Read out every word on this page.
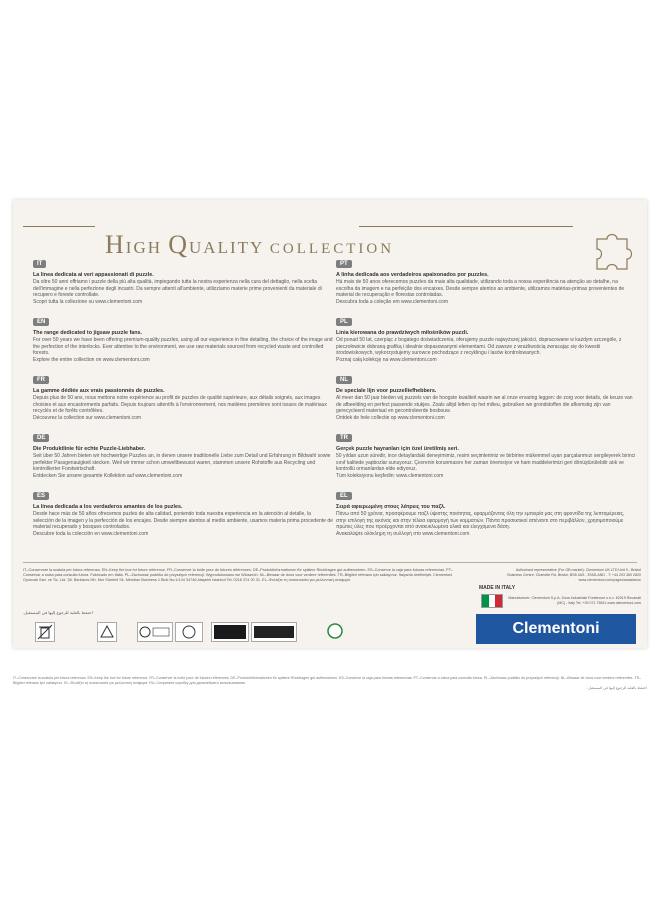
HIGH QUALITY COLLECTION
IT
La linea dedicata ai veri appassionati di puzzle.
Da oltre 50 anni offriamo i puzzle della più alta qualità, impiegando tutta la nostra esperienza nella cura del dettaglio, nella scelta dell'immagine e nella perfezione degli incastri. Da sempre attenti all'ambiente, utilizziamo materie prime provenienti da materiale di recupero e foreste controllate.
Scopri tutta la collezione su www.clementoni.com
EN
The range dedicated to jigsaw puzzle fans.
For over 50 years we have been offering premium-quality puzzles, using all our experience in fine detailing, the choice of the image and the perfection of the interlocks. Ever attentive to the environment, we use raw materials sourced from recycled waste and controlled forests.
Explore the entire collection on www.clementoni.com
FR
La gamme dédiée aux vrais passionnés de puzzles.
Depuis plus de 50 ans, nous mettons notre expérience au profit de puzzles de qualité supérieure, aux détails soignés, aux images choisies et aux encastrements parfaits. Depuis toujours attentifs à l'environnement, nos matières premières sont issues de matériaux recyclés et de forêts contrôlées.
Découvrez la collection sur www.clementoni.com
DE
Die Produktlinie für echte Puzzle-Liebhaber.
Seit über 50 Jahren bieten wir hochwertige Puzzles an, in denen unsere traditionelle Liebe zum Detail und Erfahrung in Bildwahl sowie perfekter Passgenauigkeit stecken. Weil wir immer schon umweltbewusst waren, stammen unsere Rohstoffe aus Recycling und kontrollierter Forstwirtschaft.
Entdecken Sie unsere gesamte Kollektion auf www.clementoni.com
ES
La línea dedicada a los verdaderos amantes de los puzles.
Desde hace más de 50 años ofrecemos puzles de alta calidad, poniendo toda nuestra experiencia en la atención al detalle, la selección de la imagen y la perfección de los encajes. Desde siempre atentos al medio ambiente, usamos materia prima procedente de material recuperado y bosques controlados.
Descubre toda la colección en www.clementoni.com
PT
A linha dedicada aos verdadeiros apaixonados por puzzles.
Há mais de 50 anos oferecemos puzzles da mais alta qualidade, utilizando toda a nossa experiência na atenção ao detalhe, na escolha da imagem e na perfeição dos encaixes. Desde sempre atentos ao ambiente, utilizamos matérias-primas provenientes de material de recuperação e florestas controladas.
Descubra toda a coleção em www.clementoni.com
PL
Linia kierowana do prawdziwych miłośników puzzli.
Od ponad 50 lat, czerpiąc z bogatego doświadczenia, oferujemy puzzle najwyższej jakości, dopracowane w każdym szczególe, z pieczołowicie dobraną grafiką i idealnie dopasowanymi elementami. Od zawsze z wrażliwością zwracając się do kwestii środowiskowych, wykorzystujemy surowce pochodzące z recyklingu i lasów kontrolowanych.
Poznaj całą kolekcję na www.clementoni.com
NL
De speciale lijn voor puzzelliefhebbers.
Al meer dan 50 jaar bieden wij puzzels van de hoogste kwaliteit waarin we al onze ervaring leggen: de zorg voor details, de keuze van de afbeelding en perfect passende stukjes. Zoals altijd letten op het milieu, gebruiken we grondstoffen die afkomstig zijn van gerecycleerd materiaal en gecontroleerde bosbouw.
Ontdek de hele collectie op www.clementoni.com
TR
Gerçek puzzle hayranları için özel üretilmiş seri.
50 yıldan uzun süredir, ince detaylardaki deneyimimiz, resim seçimlerimiz ve birbirine mükemmel uyan parçalarımızı sergileyerek birinci sınıf kalitede yapbozlar sunuyoruz. Çevrenin korunmasını her zaman önemsiyor ve ham maddelerimizi geri dönüştürülebilir atık ve kontrollü ormanlardan elde ediyoruz.
Tüm koleksiyonu keşfedin: www.clementoni.com
EL
Σειρά αφιερωμένη στους λάτρεις του παζλ.
Πάνω από 50 χρόνια, προσφέρουμε παζλ ύψιστης ποιότητας, εφαρμόζοντας όλη την εμπειρία μας στη φροντίδα της λεπτομέρειας, στην επιλογή της εικόνας και στην τέλεια εφαρμογή των κομματιών. Πάντα προσεκτικοί απέναντι στο περιβάλλον, χρησιμοποιούμε πρώτες ύλες που προέρχονται από ανακυκλωμένα υλικά και ελεγχόμενα δάση.
Ανακαλύψτε ολόκληρη τη συλλογή στο www.clementoni.com
IT–Conservare la scatola per futura referenza. EN–Keep the box for future reference. FR–Conserver la boîte pour de futures références. DE–Produktinformationen für spätere Rückfragen gut aufbewahren. ES–Conserve la caja para futuras referencias. PT–Conservar a caixa para consulta futura. Fabricado em Itália. PL–Zachować pudełko do przyszłych referencji. Wyprodukowano we Włoszech. NL–Bewaar de doos voor verdere referenties. TR–Bilgileri referans için saklayınız. İtalya'da üretilmiştir. Clementoni Oyuncak San. ve Tic. Ltd. Şti. Barbaros Mh. Mor Sümbül Sk. Meridian Business 1 Blok No:1/144 34746 Ataşehir İstanbul Tel: 0216 374 20 31. EL–Φυλάξτε τη συσκευασία για μελλοντική αναφορά.
Authorised representative (For GB market): Clementoni UK LTD Unit 9 - Bristol Business Centre, Charlotte Rd, Bristol, BS8 4AS - ENGLAND - T: +44 203 360 2820 www.clementoni.com/pages/assistance
MADE IN ITALY
Manufacturer: Clementoni S.p.A. Zona Industriale Fontenoce s.n.c. 62019 Recanati (MC) - Italy Tel. +39 071 75811 www.clementoni.com
احتفظ بالعلبة للرجوع إليها في المستقبل.
Clementoni
IT–Conservare la scatola per futura referenza. EN–Keep the box for future reference. FR–Conserver la boîte pour de futures références. DE–Produktinformationen für spätere Rückfragen gut aufbewahren. ES–Conserve la caja para futuras referencias. PT–Conservar a caixa para consulta futura. PL–Zachować pudełko do przyszłych referencji. NL–Bewaar de doos voor verdere referenties. TR–Bilgileri referans için saklayınız. EL–Φυλάξτε τη συσκευασία για μελλοντική αναφορά. RU–Сохраните коробку для дальнейшего использования.
احتفظ بالعلبة للرجوع إليها في المستقبل.
